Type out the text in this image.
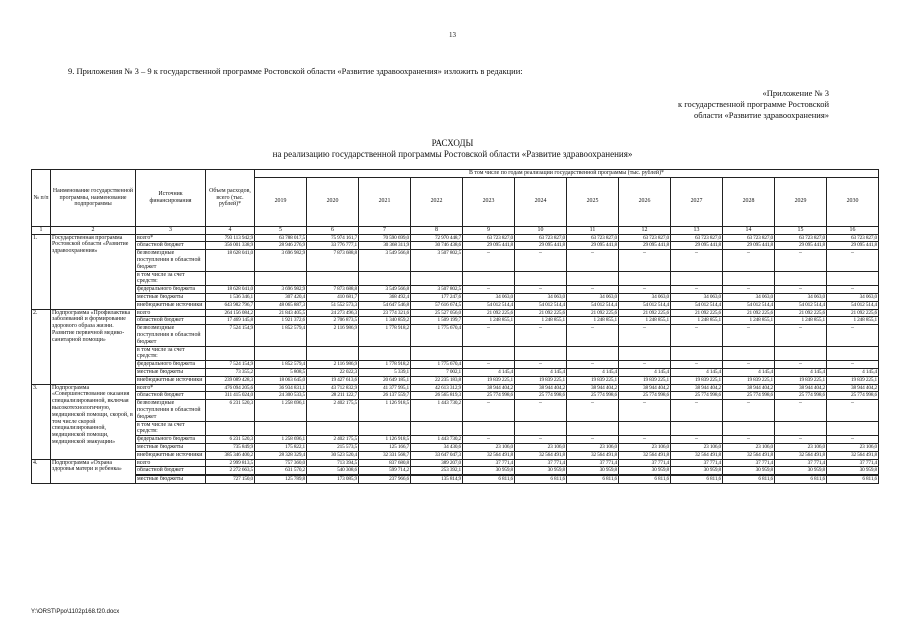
13
9. Приложения № 3 – 9 к государственной программе Ростовской области «Развитие здравоохранения» изложить в редакции:
«Приложение № 3
к государственной программе Ростовской
области «Развитие здравоохранения»
РАСХОДЫ
на реализацию государственной программы Ростовской области «Развитие здравоохранения»
№ п/п	Наименование государственной программы, наименование подпрограммы	Источник финансирования	Объем расходов, всего (тыс. рублей)*	В том числе по годам реализации государственной программы (тыс. рублей)*											
				2019	2020	2021	2022	2023	2024	2025	2026	2027	2028	2029	2030
1	2	3	4	5	6	7	8	9	10	11	12	13	14	15	16
1.	Государственная программа Ростовской области «Развитие здравоохранения»	всего*	793 113 942,9	63 788 017,5	75 974 161,7	70 590 699,0	72 970 448,7	63 723 827,0	63 723 827,0	63 723 827,0	63 723 827,0	63 723 827,0	63 723 827,0	63 723 827,0	63 723 827,0
		областной бюджет	356 001 338,9	28 946 276,9	33 776 777,1	30 368 311,9	30 746 438,6	29 095 441,8	29 095 441,8	29 095 441,8	29 095 441,8	29 095 441,8	29 095 441,8	29 095 441,8	29 095 441,8
		безвозмездные поступления в областной бюджет	18 628 041,0	3 696 982,9	7 873 688,8	3 549 566,8	3 507 802,5	–	–	–	–	–	–	–	–
		в том числе за счет средств:													
		федерального бюджета	18 628 041,0	3 696 982,9	7 873 688,8	3 549 566,8	3 507 802,5	–	–	–	–	–	–	–	–
		местные бюджеты	1 536 346,1	307 420,4	410 681,7	368 492,4	177 247,6	34 063,0	34 063,0	34 063,0	34 063,0	34 063,0	34 063,0	34 063,0	34 063,0
		внебюджетные источники	643 982 796,7	48 065 887,3	51 552 573,3	54 647 546,8	57 616 674,5	54 012 514,4	54 012 514,4	54 012 514,4	54 012 514,4	54 012 514,4	54 012 514,4	54 012 514,4	54 012 514,4
2.	Подпрограмма «Профилактика заболеваний и формирование здорового образа жизни. Развитие первичной медико-санитарной помощи»	всего	264 156 084,2	21 843 405,5	24 273 496,3	23 774 321,6	25 527 056,0	21 092 225,6	21 092 225,6	21 092 225,6	21 092 225,6	21 092 225,6	21 092 225,6	21 092 225,6	21 092 225,6
		областной бюджет	17 469 145,8	1 921 372,6	2 706 873,5	1 340 859,2	1 509 199,7	1 248 855,1	1 248 855,1	1 248 855,1	1 248 855,1	1 248 855,1	1 248 855,1	1 248 855,1	1 248 855,1
		безвозмездные поступления в областной бюджет	7 524 154,9	1 852 579,4	2 116 986,9	1 778 918,2	1 775 670,4	–	–	–	–	–	–	–	–
		в том числе за счет средств:													
		федерального бюджета	7 524 154,9	1 852 579,4	2 116 986,9	1 778 918,2	1 775 670,4	–	–	–	–	–	–	–	–
		местные бюджеты	73 355,2	5 808,5	22 022,3	5 339,1	7 002,1	4 145,4	4 145,4	4 145,4	4 145,4	4 145,4	4 145,4	4 145,4	4 145,4
		внебюджетные источники	239 089 428,3	18 063 645,0	19 427 613,6	20 649 185,1	22 235 183,8	19 839 225,1	19 839 225,1	19 839 225,1	19 839 225,1	19 839 225,1	19 839 225,1	19 839 225,1	19 839 225,1
3.	Подпрограмма «Совершенствование оказания специализированной, включая высокотехнологичную, медицинской помощи, скорой, в том числе скорой специализированной, медицинской помощи, медицинской эвакуации»	всего*	476 094 205,6	36 934 831,1	43 712 832,9	41 377 995,1	42 613 312,9	38 944 404,2	38 944 404,2	38 944 404,2	38 944 404,2	38 944 404,2	38 944 404,2	38 944 404,2	38 944 404,2
		областной бюджет	311 415 024,0	24 300 533,5	28 211 122,7	26 137 559,7	26 565 819,3	25 774 998,6	25 774 998,6	25 774 998,6	25 774 998,6	25 774 998,6	25 774 998,6	25 774 998,6	25 774 998,6
		безвозмездные поступления в областной бюджет	6 231 520,3	1 258 696,1	2 402 175,5	1 126 918,5	1 443 730,2	–	–	–	–	–	–	–	–
		в том числе за счет средств:													
		федерального бюджета	6 231 520,3	1 258 696,1	2 402 175,5	1 126 918,5	1 443 730,2	–	–	–	–	–	–	–	–
		местные бюджеты	735 849,9	175 822,1	215 573,5	125 166,7	34 430,6	23 106,0	23 106,0	23 106,0	23 106,0	23 106,0	23 106,0	23 106,0	23 106,0
		внебюджетные источники	385 346 400,2	28 328 329,4	30 523 520,4	32 331 568,7	33 647 047,3	32 564 491,8	32 564 491,8	32 564 491,8	32 564 491,8	32 564 491,8	32 564 491,8	32 564 491,8	32 564 491,8
4.	Подпрограмма «Охрана здоровья матери и ребенка»	всего	2 999 813,5	757 360,0	713 394,5	837 680,8	389 207,0	37 771,4	37 771,4	37 771,4	37 771,4	37 771,4	37 771,4	37 771,4	37 771,4
		областной бюджет	2 272 663,5	631 570,2	540 308,6	599 714,2	253 392,1	30 959,8	30 959,8	30 959,8	30 959,8	30 959,8	30 959,8	30 959,8	30 959,8

		местные бюджеты	727 150,0	125 789,8	173 085,9	237 966,6	135 814,9	6 811,6	6 811,6	6 811,6	6 811,6	6 811,6	6 811,6	6 811,6	6 811,6
Y:\ORST\Ppo\1102p168.f20.docx
